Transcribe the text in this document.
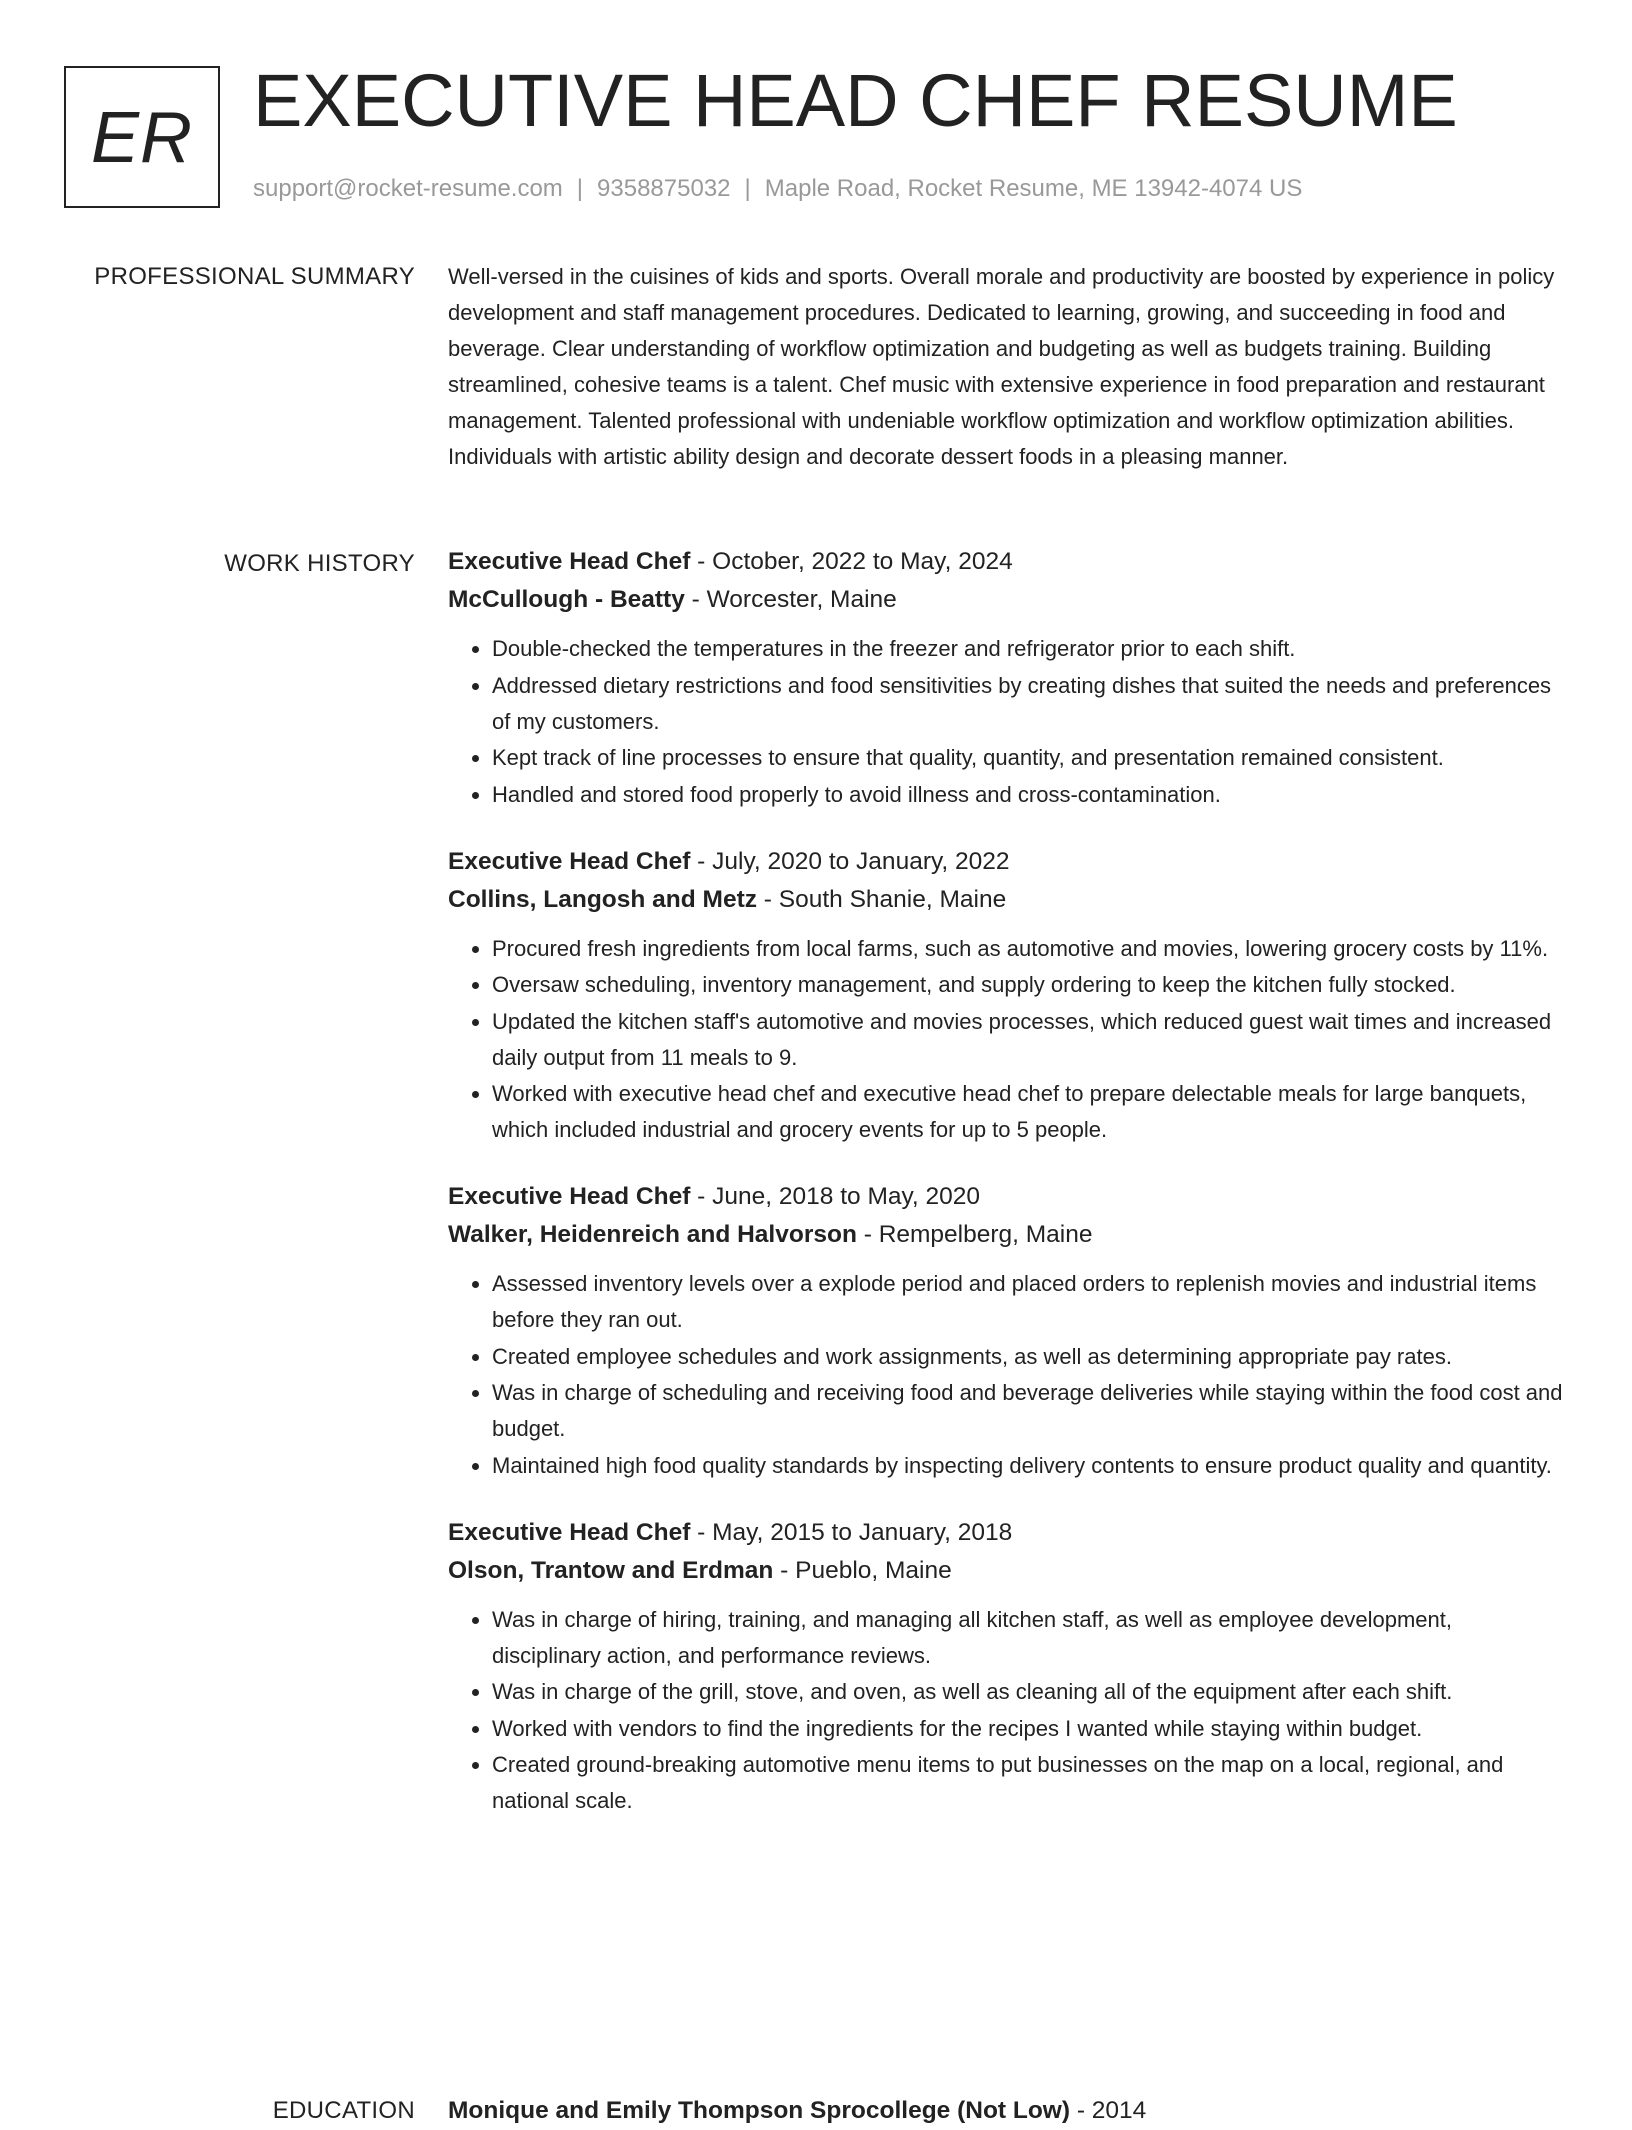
ER EXECUTIVE HEAD CHEF RESUME
support@rocket-resume.com | 9358875032 | Maple Road, Rocket Resume, ME 13942-4074 US
PROFESSIONAL SUMMARY Well-versed in the cuisines of kids and sports. Overall morale and productivity are boosted by experience in policy development and staff management procedures. Dedicated to learning, growing, and succeeding in food and beverage. Clear understanding of workflow optimization and budgeting as well as budgets training. Building streamlined, cohesive teams is a talent. Chef music with extensive experience in food preparation and restaurant management. Talented professional with undeniable workflow optimization and workflow optimization abilities. Individuals with artistic ability design and decorate dessert foods in a pleasing manner.

WORK HISTORY Executive Head Chef - October, 2022 to May, 2024
McCullough - Beatty - Worcester, Maine
• Double-checked the temperatures in the freezer and refrigerator prior to each shift.
• Addressed dietary restrictions and food sensitivities by creating dishes that suited the needs and preferences of my customers.
• Kept track of line processes to ensure that quality, quantity, and presentation remained consistent.
• Handled and stored food properly to avoid illness and cross-contamination.
Executive Head Chef - July, 2020 to January, 2022
Collins, Langosh and Metz - South Shanie, Maine
• Procured fresh ingredients from local farms, such as automotive and movies, lowering grocery costs by 11%.
• Oversaw scheduling, inventory management, and supply ordering to keep the kitchen fully stocked.
• Updated the kitchen staff's automotive and movies processes, which reduced guest wait times and increased daily output from 11 meals to 9.
• Worked with executive head chef and executive head chef to prepare delectable meals for large banquets, which included industrial and grocery events for up to 5 people.
Executive Head Chef - June, 2018 to May, 2020
Walker, Heidenreich and Halvorson - Rempelberg, Maine
• Assessed inventory levels over a explode period and placed orders to replenish movies and industrial items before they ran out.
• Created employee schedules and work assignments, as well as determining appropriate pay rates.
• Was in charge of scheduling and receiving food and beverage deliveries while staying within the food cost and budget.
• Maintained high food quality standards by inspecting delivery contents to ensure product quality and quantity.
Executive Head Chef - May, 2015 to January, 2018
Olson, Trantow and Erdman - Pueblo, Maine
• Was in charge of hiring, training, and managing all kitchen staff, as well as employee development, disciplinary action, and performance reviews.
• Was in charge of the grill, stove, and oven, as well as cleaning all of the equipment after each shift.
• Worked with vendors to find the ingredients for the recipes I wanted while staying within budget.
• Created ground-breaking automotive menu items to put businesses on the map on a local, regional, and national scale.
EDUCATION Monique and Emily Thompson Sprocollege (Not Low) - 2014
